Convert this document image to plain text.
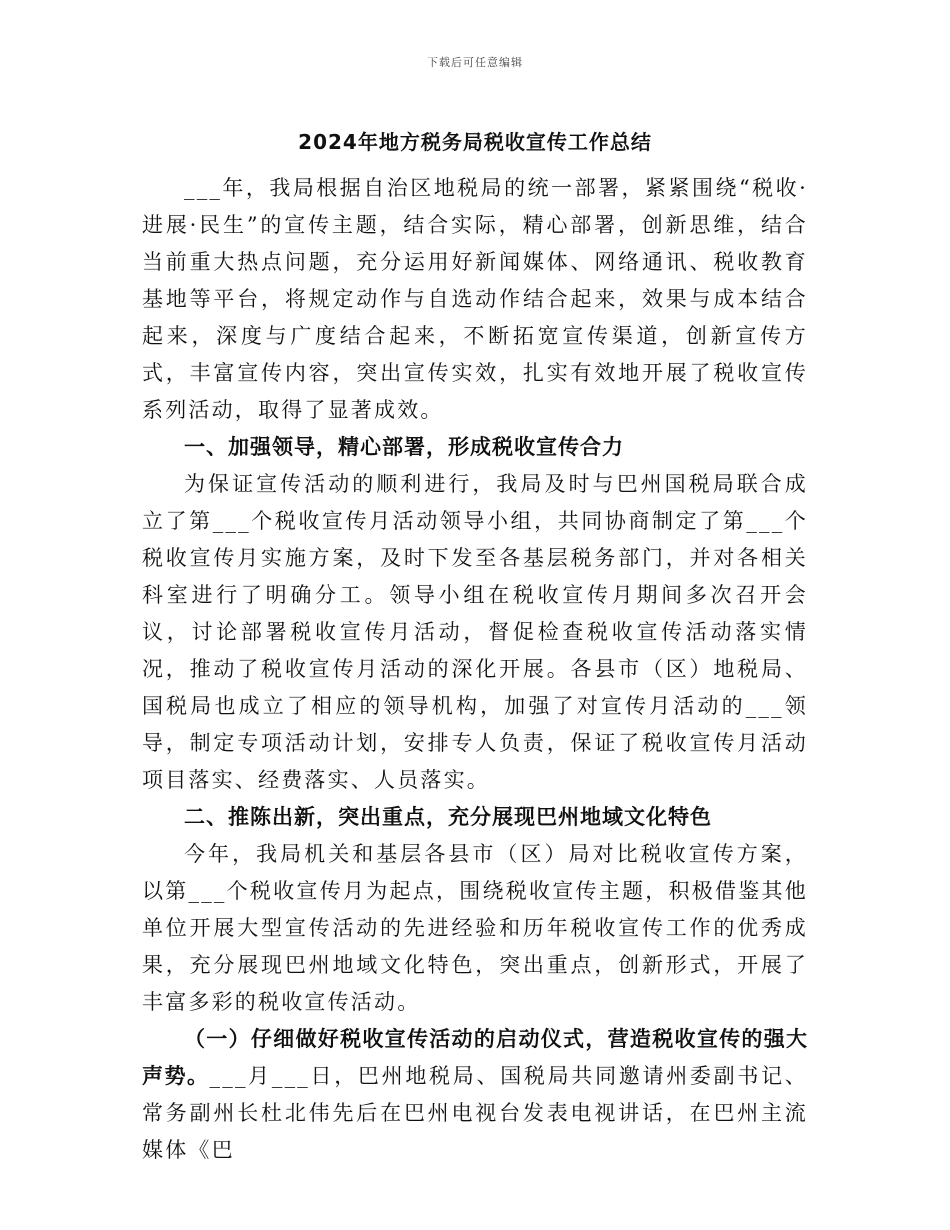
下载后可任意编辑
2024年地方税务局税收宣传工作总结

___年，我局根据自治区地税局的统一部署，紧紧围绕“税收·进展·民生”的宣传主题，结合实际，精心部署，创新思维，结合当前重大热点问题，充分运用好新闻媒体、网络通讯、税收教育基地等平台，将规定动作与自选动作结合起来，效果与成本结合起来，深度与广度结合起来，不断拓宽宣传渠道，创新宣传方式，丰富宣传内容，突出宣传实效，扎实有效地开展了税收宣传系列活动，取得了显著成效。

一、加强领导，精心部署，形成税收宣传合力

为保证宣传活动的顺利进行，我局及时与巴州国税局联合成立了第___个税收宣传月活动领导小组，共同协商制定了第___个税收宣传月实施方案，及时下发至各基层税务部门，并对各相关科室进行了明确分工。领导小组在税收宣传月期间多次召开会议，讨论部署税收宣传月活动，督促检查税收宣传活动落实情况，推动了税收宣传月活动的深化开展。各县市（区）地税局、国税局也成立了相应的领导机构，加强了对宣传月活动的___领导，制定专项活动计划，安排专人负责，保证了税收宣传月活动项目落实、经费落实、人员落实。

二、推陈出新，突出重点，充分展现巴州地域文化特色

今年，我局机关和基层各县市（区）局对比税收宣传方案，以第___个税收宣传月为起点，围绕税收宣传主题，积极借鉴其他单位开展大型宣传活动的先进经验和历年税收宣传工作的优秀成果，充分展现巴州地域文化特色，突出重点，创新形式，开展了丰富多彩的税收宣传活动。

（一）仔细做好税收宣传活动的启动仪式，营造税收宣传的强大声势。___月___日，巴州地税局、国税局共同邀请州委副书记、常务副州长杜北伟先后在巴州电视台发表电视讲话，在巴州主流媒体《巴
